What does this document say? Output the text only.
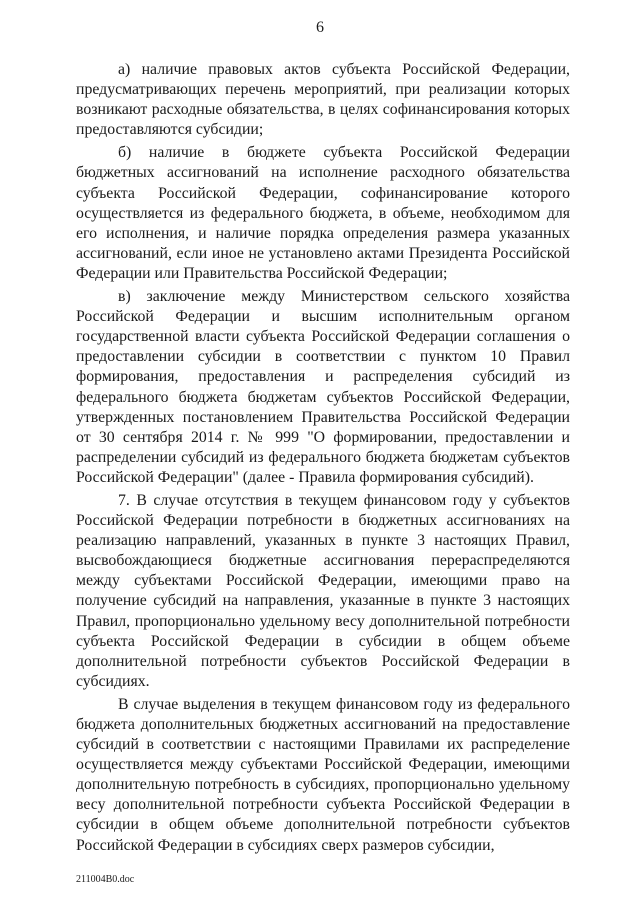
6

а) наличие правовых актов субъекта Российской Федерации, предусматривающих перечень мероприятий, при реализации которых возникают расходные обязательства, в целях софинансирования которых предоставляются субсидии;

б) наличие в бюджете субъекта Российской Федерации бюджетных ассигнований на исполнение расходного обязательства субъекта Российской Федерации, софинансирование которого осуществляется из федерального бюджета, в объеме, необходимом для его исполнения, и наличие порядка определения размера указанных ассигнований, если иное не установлено актами Президента Российской Федерации или Правительства Российской Федерации;

в) заключение между Министерством сельского хозяйства Российской Федерации и высшим исполнительным органом государственной власти субъекта Российской Федерации соглашения о предоставлении субсидии в соответствии с пунктом 10 Правил формирования, предоставления и распределения субсидий из федерального бюджета бюджетам субъектов Российской Федерации, утвержденных постановлением Правительства Российской Федерации от 30 сентября 2014 г. № 999 "О формировании, предоставлении и распределении субсидий из федерального бюджета бюджетам субъектов Российской Федерации" (далее - Правила формирования субсидий).

7. В случае отсутствия в текущем финансовом году у субъектов Российской Федерации потребности в бюджетных ассигнованиях на реализацию направлений, указанных в пункте 3 настоящих Правил, высвобождающиеся бюджетные ассигнования перераспределяются между субъектами Российской Федерации, имеющими право на получение субсидий на направления, указанные в пункте 3 настоящих Правил, пропорционально удельному весу дополнительной потребности субъекта Российской Федерации в субсидии в общем объеме дополнительной потребности субъектов Российской Федерации в субсидиях.

В случае выделения в текущем финансовом году из федерального бюджета дополнительных бюджетных ассигнований на предоставление субсидий в соответствии с настоящими Правилами их распределение осуществляется между субъектами Российской Федерации, имеющими дополнительную потребность в субсидиях, пропорционально удельному весу дополнительной потребности субъекта Российской Федерации в субсидии в общем объеме дополнительной потребности субъектов Российской Федерации в субсидиях сверх размеров субсидии,

211004В0.doc
